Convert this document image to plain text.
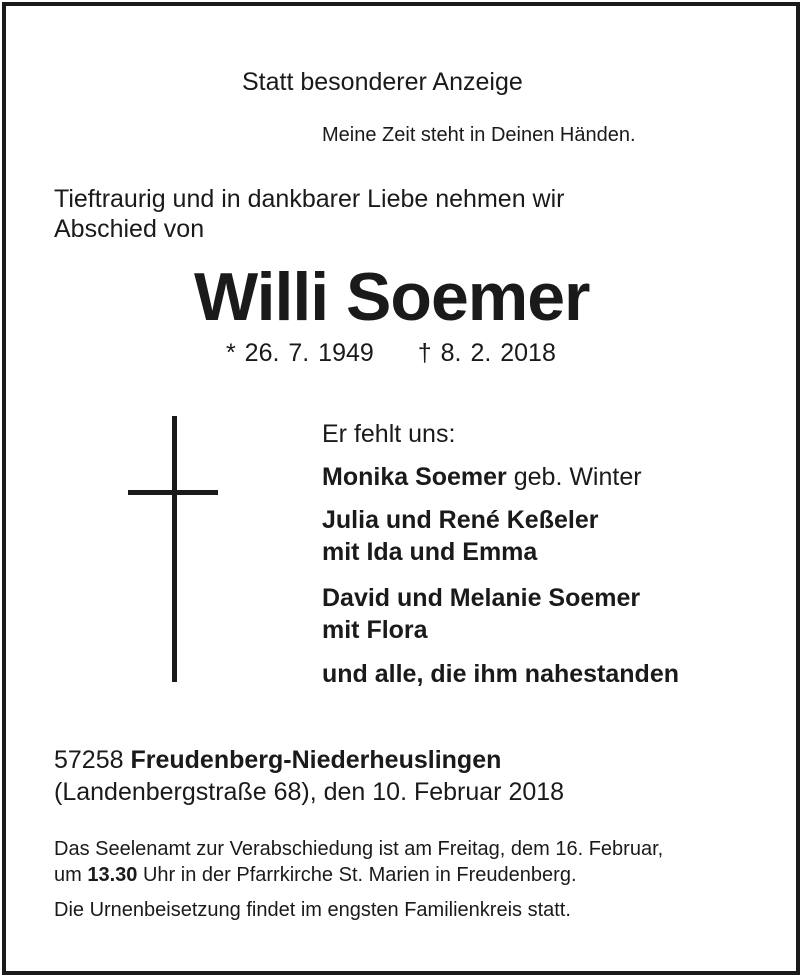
Statt besonderer Anzeige
Meine Zeit steht in Deinen Händen.
Tieftraurig und in dankbarer Liebe nehmen wir
Abschied von
Willi Soemer
* 26. 7. 1949 † 8. 2. 2018
Er fehlt uns:
Monika Soemer geb. Winter
Julia und René Keßeler
mit Ida und Emma
David und Melanie Soemer
mit Flora
und alle, die ihm nahestanden
57258 Freudenberg-Niederheuslingen
(Landenbergstraße 68), den 10. Februar 2018
Das Seelenamt zur Verabschiedung ist am Freitag, dem 16. Februar,
um 13.30 Uhr in der Pfarrkirche St. Marien in Freudenberg.
Die Urnenbeisetzung findet im engsten Familienkreis statt.
